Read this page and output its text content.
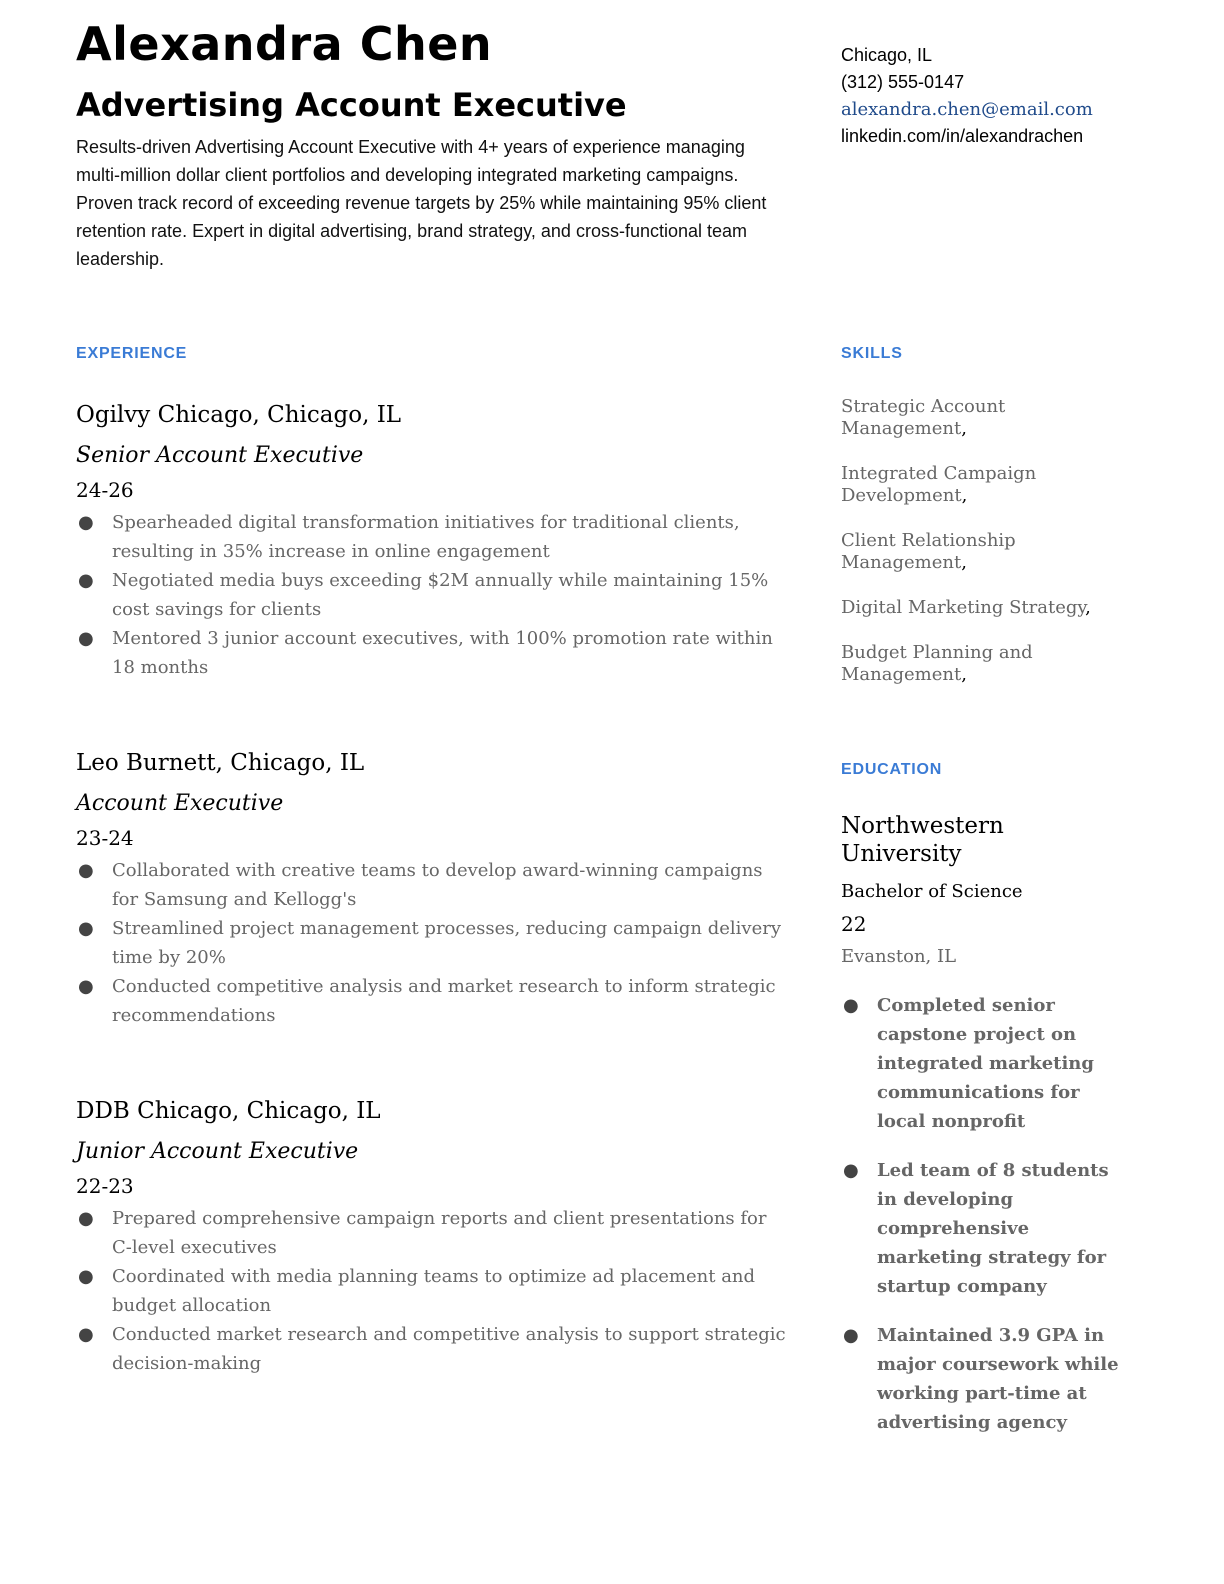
Alexandra Chen
Advertising Account Executive

Results-driven Advertising Account Executive with 4+ years of experience managing multi-million dollar client portfolios and developing integrated marketing campaigns. Proven track record of exceeding revenue targets by 25% while maintaining 95% client retention rate. Expert in digital advertising, brand strategy, and cross-functional team leadership.

Chicago, IL
(312) 555-0147
alexandra.chen@email.com
linkedin.com/in/alexandrachen
EXPERIENCE
Ogilvy Chicago, Chicago, IL
Senior Account Executive
24-26
● Spearheaded digital transformation initiatives for traditional clients, resulting in 35% increase in online engagement
● Negotiated media buys exceeding $2M annually while maintaining 15% cost savings for clients
● Mentored 3 junior account executives, with 100% promotion rate within 18 months
Leo Burnett, Chicago, IL
Account Executive
23-24
● Collaborated with creative teams to develop award-winning campaigns for Samsung and Kellogg's
● Streamlined project management processes, reducing campaign delivery time by 20%
● Conducted competitive analysis and market research to inform strategic recommendations
DDB Chicago, Chicago, IL
Junior Account Executive
22-23
● Prepared comprehensive campaign reports and client presentations for C-level executives
● Coordinated with media planning teams to optimize ad placement and budget allocation
● Conducted market research and competitive analysis to support strategic decision-making
SKILLS
Strategic Account Management,
Integrated Campaign Development,
Client Relationship Management,
Digital Marketing Strategy,
Budget Planning and Management,
EDUCATION
Northwestern University
Bachelor of Science
22
Evanston, IL
● Completed senior capstone project on integrated marketing communications for local nonprofit
● Led team of 8 students in developing comprehensive marketing strategy for startup company
● Maintained 3.9 GPA in major coursework while working part-time at advertising agency
